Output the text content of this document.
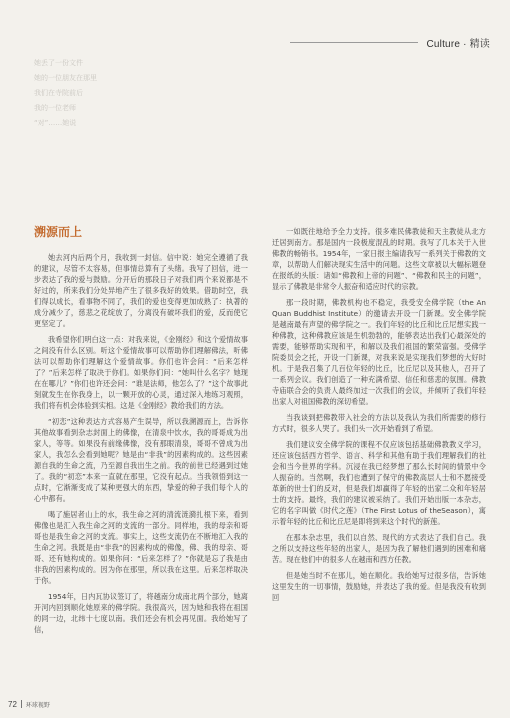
Culture · 精读

她丢了一份文件

她的一位朋友在那里

我们在寺院前后

我的一位老师

“对”……她说

溯源而上

她去河内后两个月，我收到一封信。信中说：她完全遵循了我的建议，尽管不太容易，但事情总算有了头绪。我写了回信，进一步表达了我的爱与鼓励。分开后的那段日子对我们两个来说都是不好过的，所来我们分处异地产生了很多我好的效果。借助时空，我们得以成长，看事物不同了，我们的爱也变得更加成熟了：执著的成分减少了，慈悲之花绽放了，分离没有破坏我们的爱，反而使它更坚定了。

我希望你们明白这一点：对我来说，《金刚经》和这个爱情故事之间没有什么区别。听这个爱情故事可以帮助你们理解佛法，听佛法可以帮助你们理解这个爱情故事。你们也许会问：“后来怎样了？”后来怎样了取决于你们。如果你们问：“她叫什么名字？她现在在哪儿？”你们也许还会问：“谁是法师，他怎么了？”这个故事此刻就发生在你我身上，以一颗开放的心灵，通过深入地练习观照，我们将有机会体验到实相。这是《金刚经》教给我们的方法。

“初恋”这种表达方式容易产生误导，所以我溯源而上，告诉你其他故事看到杂志封面上的佛像，在清泉中饮水，我的哥哥成为出家人，等等。如果没有前缘佛像，没有那眼清泉，哥哥不曾成为出家人，我怎么会看到她呢？她是由“非我”的因素构成的。这些因素源自我的生命之流，乃至源自我出生之前。我的前世已经遇到过她了。我的“初恋”本来一直就在那里，它没有起点。当我领悟到这一点时，它渐渐变成了某种更强大的东西，挚爱的种子我们每个人的心中都有。

喝了施居者山上的水，我生命之河的清流涟漪扎根下来，看到佛像也是汇入我生命之河的支流的一部分。同样地，我的母亲和哥哥也是我生命之河的支流。事实上，这些支流仍在不断地汇入我的生命之河。我既是由“非我”的因素构成的佛像，佛、我的母亲、哥哥、还有她构成的。如果你问：“后来怎样了？”你就是忘了我是由非我的因素构成的。因为你在那里，所以我在这里。后来怎样取决于你。

1954年，日内瓦协议签订了，将越南分成南北两个部分，她离开河内回到顺化她原来的佛学院。我很高兴，因为她和我将在祖国的同一边，北纬十七度以南。我们还会有机会再见面。我给她写了信，

一如既往地给予全力支持。很多难民佛教徒和天主教徒从北方迁居到南方。那是国内一段极度混乱的时期。我写了几本关于入世佛教的畅销书。1954年，一家日报主编请我写一系列关于佛教的文章，以帮助人们解决现实生活中的问题。这些文章被以大幅标题登在报纸的头版：诸如“佛教和上帝的问题”、“佛教和民主的问题”，显示了佛教是非常令人振奋和适应时代的宗教。

那一段时期，佛教机构也不稳定，我受安全佛学院（the An Quan Buddhist Institute）的邀请去开设一门新课。安全佛学院是越南最有声望的佛学院之一。我们年轻的比丘和比丘尼想实践一种佛教，这种佛教应该是生机勃勃的，能够表达出我们心最深处的需要，能够帮助实现和平，和解以及我们祖国的繁荣富强。受佛学院委员会之托，开设一门新课，对我来说是实现我们梦想的大好时机。于是我召集了几百位年轻的比丘，比丘尼以及其他人，召开了一系列会议。我们创造了一种充满希望、信任和慈悲的氛围。佛教寺庙联合会的负责人最终加过一次我们的会议，并倾听了我们年轻出家人对祖国佛教的深切希望。

当我谈到把佛教带入社会的方法以及我认为我们所需要的修行方式时，很多人哭了。我们头一次开始看到了希望。

我们建议安全佛学院的课程不仅应该包括基础佛教教义学习，还应该包括西方哲学、语言、科学和其他有助于我们理解我们的社会和当今世界的学科。沉浸在我已经梦想了那么长时间的情景中令人振奋的。当然啊，我们也遭到了保守的佛教高层人士和不愿接受革新的世士们的反对，但是我们却赢得了年轻的出家二众和年轻居士的支持。最终，我们的建议被采纳了。我们开始出版一本杂志，它的名字叫做《时代之莲》（The First Lotus of theSeason），寓示着年轻的比丘和比丘尼是即将到来这个时代的新莲。

在那本杂志里，我们以自然、现代的方式表达了我们自己。我之所以支持这些年轻的出家人，是因为我了解他们遇到的困难和痛苦。现在他们中的很多人在越南和西方任教。

但是她当时不在那儿，她在顺化。我给她写过很多信，告诉她这里发生的一切事情，鼓励她，并表达了我的爱。但是我没有收到回

72 环球视野
